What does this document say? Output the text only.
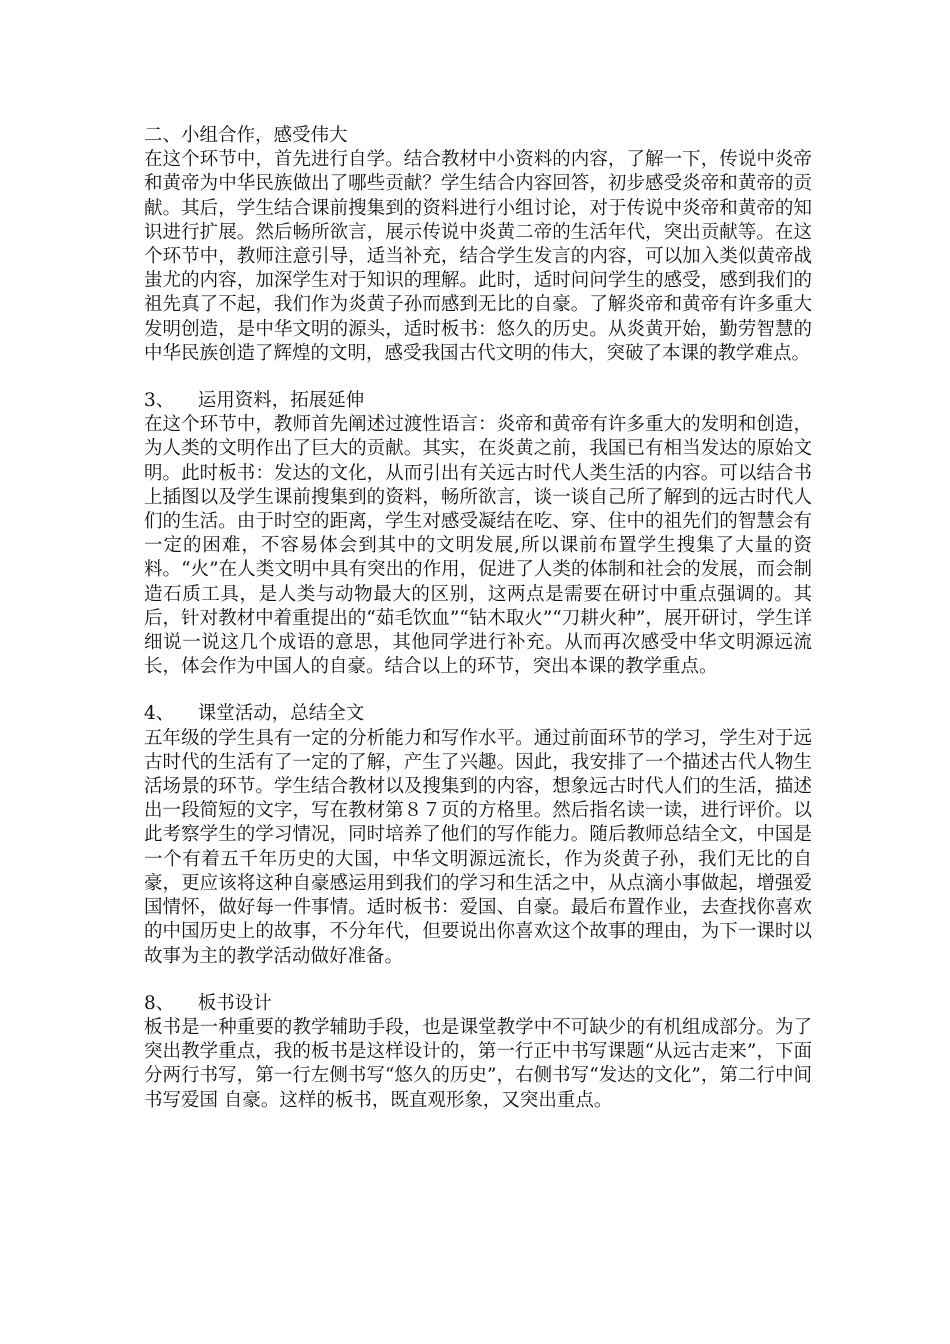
二、小组合作，感受伟大
在这个环节中，首先进行自学。结合教材中小资料的内容，了解一下，传说中炎帝和黄帝为中华民族做出了哪些贡献？学生结合内容回答，初步感受炎帝和黄帝的贡献。其后，学生结合课前搜集到的资料进行小组讨论，对于传说中炎帝和黄帝的知识进行扩展。然后畅所欲言，展示传说中炎黄二帝的生活年代，突出贡献等。在这个环节中，教师注意引导，适当补充，结合学生发言的内容，可以加入类似黄帝战蚩尤的内容，加深学生对于知识的理解。此时，适时问问学生的感受，感到我们的祖先真了不起，我们作为炎黄子孙而感到无比的自豪。了解炎帝和黄帝有许多重大发明创造，是中华文明的源头，适时板书：悠久的历史。从炎黄开始，勤劳智慧的中华民族创造了辉煌的文明，感受我国古代文明的伟大，突破了本课的教学难点。
3、    运用资料，拓展延伸
在这个环节中，教师首先阐述过渡性语言：炎帝和黄帝有许多重大的发明和创造，为人类的文明作出了巨大的贡献。其实，在炎黄之前，我国已有相当发达的原始文明。此时板书：发达的文化，从而引出有关远古时代人类生活的内容。可以结合书上插图以及学生课前搜集到的资料，畅所欲言，谈一谈自己所了解到的远古时代人们的生活。由于时空的距离，学生对感受凝结在吃、穿、住中的祖先们的智慧会有一定的困难，不容易体会到其中的文明发展,所以课前布置学生搜集了大量的资料。“火”在人类文明中具有突出的作用，促进了人类的体制和社会的发展，而会制造石质工具，是人类与动物最大的区别，这两点是需要在研讨中重点强调的。其后，针对教材中着重提出的“茹毛饮血”“钻木取火”“刀耕火种”，展开研讨，学生详细说一说这几个成语的意思，其他同学进行补充。从而再次感受中华文明源远流长，体会作为中国人的自豪。结合以上的环节，突出本课的教学重点。
4、    课堂活动，总结全文
五年级的学生具有一定的分析能力和写作水平。通过前面环节的学习，学生对于远古时代的生活有了一定的了解，产生了兴趣。因此，我安排了一个描述古代人物生活场景的环节。学生结合教材以及搜集到的内容，想象远古时代人们的生活，描述出一段简短的文字，写在教材第８７页的方格里。然后指名读一读，进行评价。以此考察学生的学习情况，同时培养了他们的写作能力。随后教师总结全文，中国是一个有着五千年历史的大国，中华文明源远流长，作为炎黄子孙，我们无比的自豪，更应该将这种自豪感运用到我们的学习和生活之中，从点滴小事做起，增强爱国情怀，做好每一件事情。适时板书：爱国、自豪。最后布置作业，去查找你喜欢的中国历史上的故事，不分年代，但要说出你喜欢这个故事的理由，为下一课时以故事为主的教学活动做好准备。
8、    板书设计
板书是一种重要的教学辅助手段，也是课堂教学中不可缺少的有机组成部分。为了突出教学重点，我的板书是这样设计的，第一行正中书写课题“从远古走来”，下面分两行书写，第一行左侧书写“悠久的历史”，右侧书写“发达的文化”，第二行中间书写爱国 自豪。这样的板书，既直观形象，又突出重点。
